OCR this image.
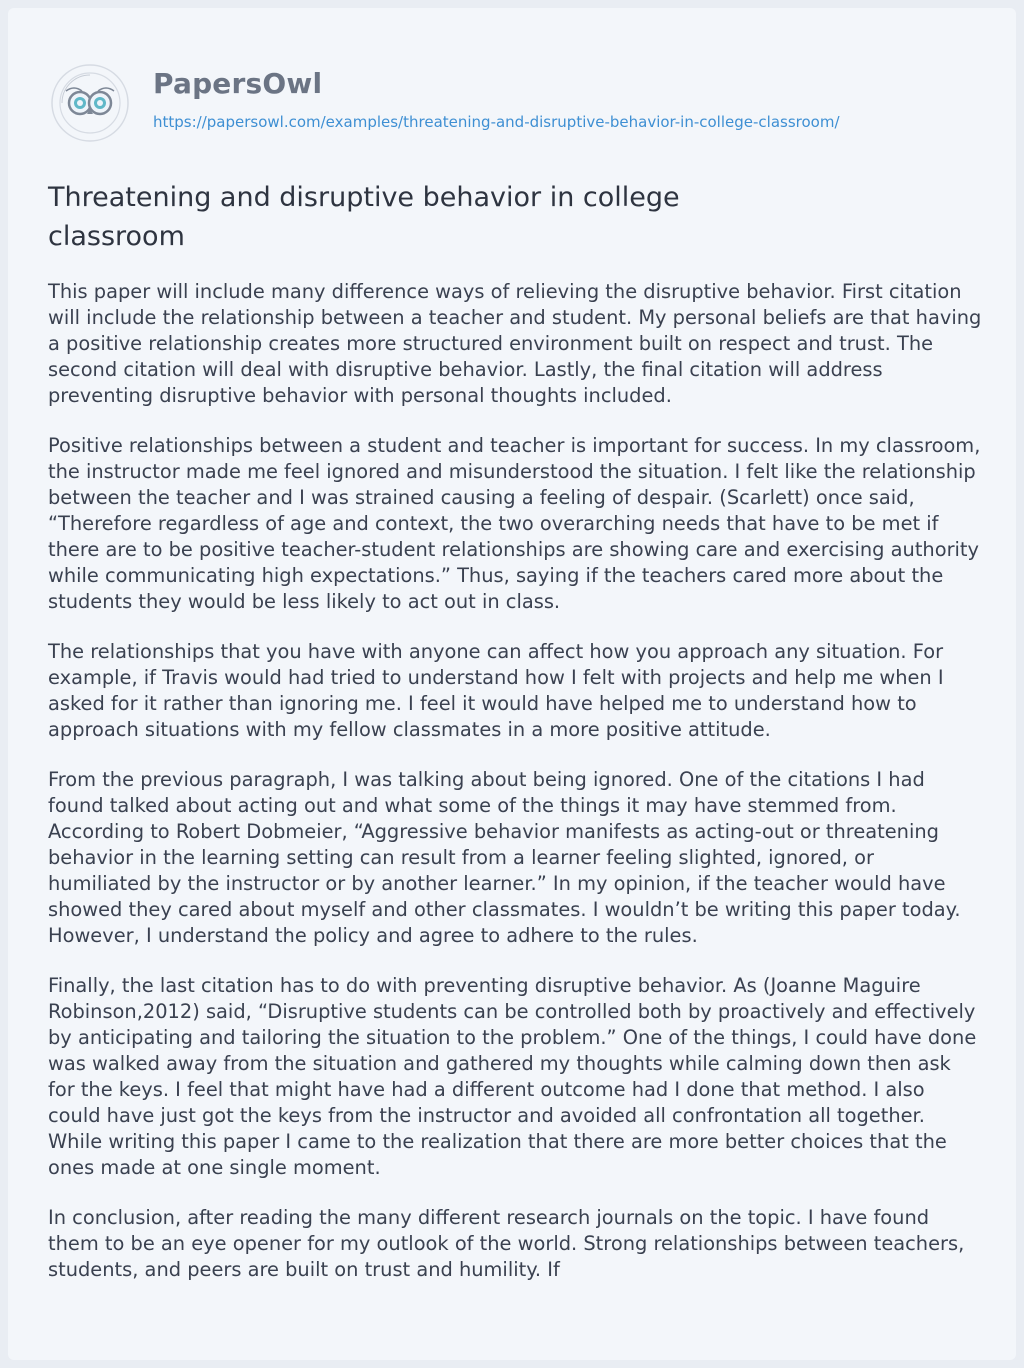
PapersOwl
https://papersowl.com/examples/threatening-and-disruptive-behavior-in-college-classroom/
Threatening and disruptive behavior in college classroom

This paper will include many difference ways of relieving the disruptive behavior. First citation will include the relationship between a teacher and student. My personal beliefs are that having a positive relationship creates more structured environment built on respect and trust. The second citation will deal with disruptive behavior. Lastly, the final citation will address preventing disruptive behavior with personal thoughts included.

Positive relationships between a student and teacher is important for success. In my classroom, the instructor made me feel ignored and misunderstood the situation. I felt like the relationship between the teacher and I was strained causing a feeling of despair. (Scarlett) once said, “Therefore regardless of age and context, the two overarching needs that have to be met if there are to be positive teacher-student relationships are showing care and exercising authority while communicating high expectations.” Thus, saying if the teachers cared more about the students they would be less likely to act out in class.

The relationships that you have with anyone can affect how you approach any situation. For example, if Travis would had tried to understand how I felt with projects and help me when I asked for it rather than ignoring me. I feel it would have helped me to understand how to approach situations with my fellow classmates in a more positive attitude.

From the previous paragraph, I was talking about being ignored. One of the citations I had found talked about acting out and what some of the things it may have stemmed from. According to Robert Dobmeier, “Aggressive behavior manifests as acting-out or threatening behavior in the learning setting can result from a learner feeling slighted, ignored, or humiliated by the instructor or by another learner.” In my opinion, if the teacher would have showed they cared about myself and other classmates. I wouldn’t be writing this paper today. However, I understand the policy and agree to adhere to the rules.

Finally, the last citation has to do with preventing disruptive behavior. As (Joanne Maguire Robinson,2012) said, “Disruptive students can be controlled both by proactively and effectively by anticipating and tailoring the situation to the problem.” One of the things, I could have done was walked away from the situation and gathered my thoughts while calming down then ask for the keys. I feel that might have had a different outcome had I done that method. I also could have just got the keys from the instructor and avoided all confrontation all together. While writing this paper I came to the realization that there are more better choices that the ones made at one single moment.

In conclusion, after reading the many different research journals on the topic. I have found them to be an eye opener for my outlook of the world. Strong relationships between teachers, students, and peers are built on trust and humility. If
